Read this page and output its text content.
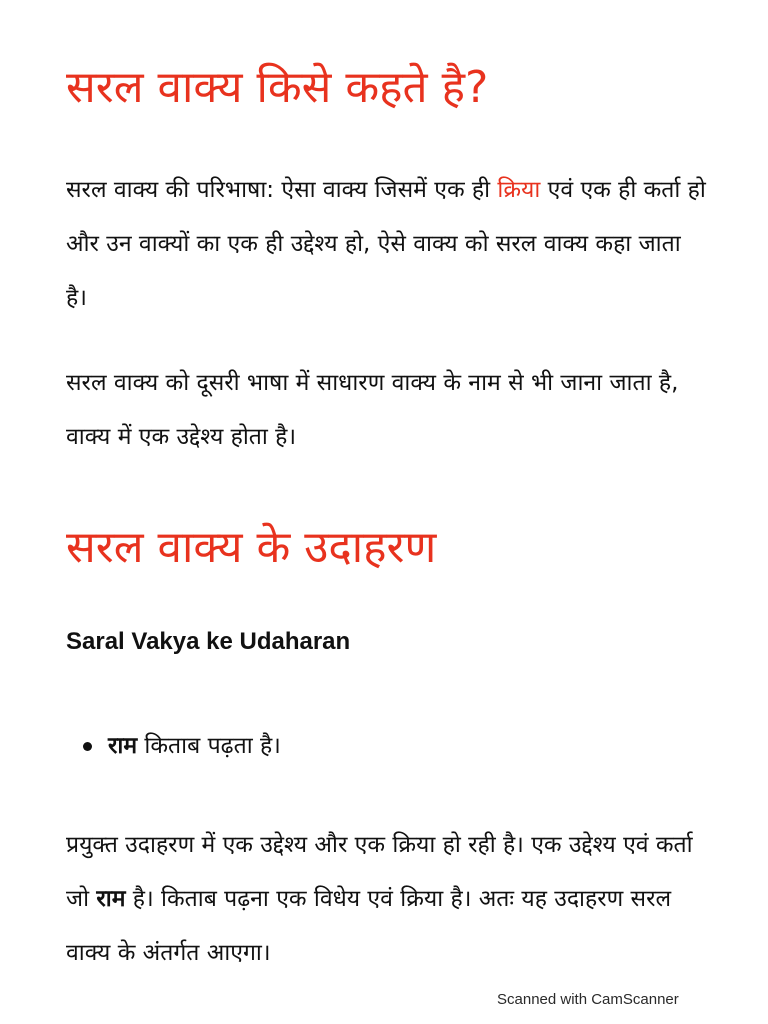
सरल वाक्य किसे कहते है?

सरल वाक्य की परिभाषा: ऐसा वाक्य जिसमें एक ही क्रिया एवं एक ही कर्ता हो और उन वाक्यों का एक ही उद्देश्य हो, ऐसे वाक्य को सरल वाक्य कहा जाता है।

सरल वाक्य को दूसरी भाषा में साधारण वाक्य के नाम से भी जाना जाता है, वाक्य में एक उद्देश्य होता है।

सरल वाक्य के उदाहरण
Saral Vakya ke Udaharan
राम किताब पढ़ता है।

प्रयुक्त उदाहरण में एक उद्देश्य और एक क्रिया हो रही है। एक उद्देश्य एवं कर्ता जो राम है। किताब पढ़ना एक विधेय एवं क्रिया है। अतः यह उदाहरण सरल वाक्य के अंतर्गत आएगा।

Scanned with CamScanner
